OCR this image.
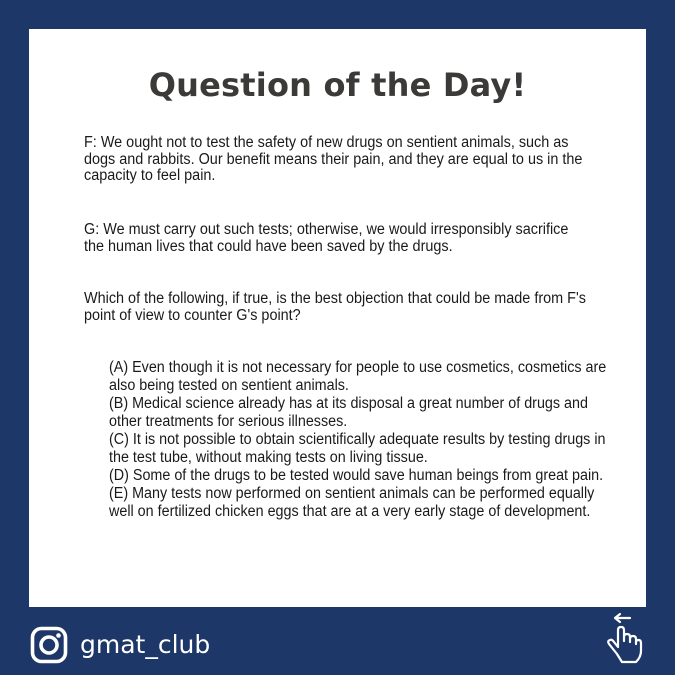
Question of the Day!

F: We ought not to test the safety of new drugs on sentient animals, such as dogs and rabbits. Our benefit means their pain, and they are equal to us in the capacity to feel pain.

G: We must carry out such tests; otherwise, we would irresponsibly sacrifice the human lives that could have been saved by the drugs.

Which of the following, if true, is the best objection that could be made from F's point of view to counter G's point?

(A) Even though it is not necessary for people to use cosmetics, cosmetics are also being tested on sentient animals.
(B) Medical science already has at its disposal a great number of drugs and other treatments for serious illnesses.
(C) It is not possible to obtain scientifically adequate results by testing drugs in the test tube, without making tests on living tissue.
(D) Some of the drugs to be tested would save human beings from great pain.
(E) Many tests now performed on sentient animals can be performed equally well on fertilized chicken eggs that are at a very early stage of development.
gmat_club
